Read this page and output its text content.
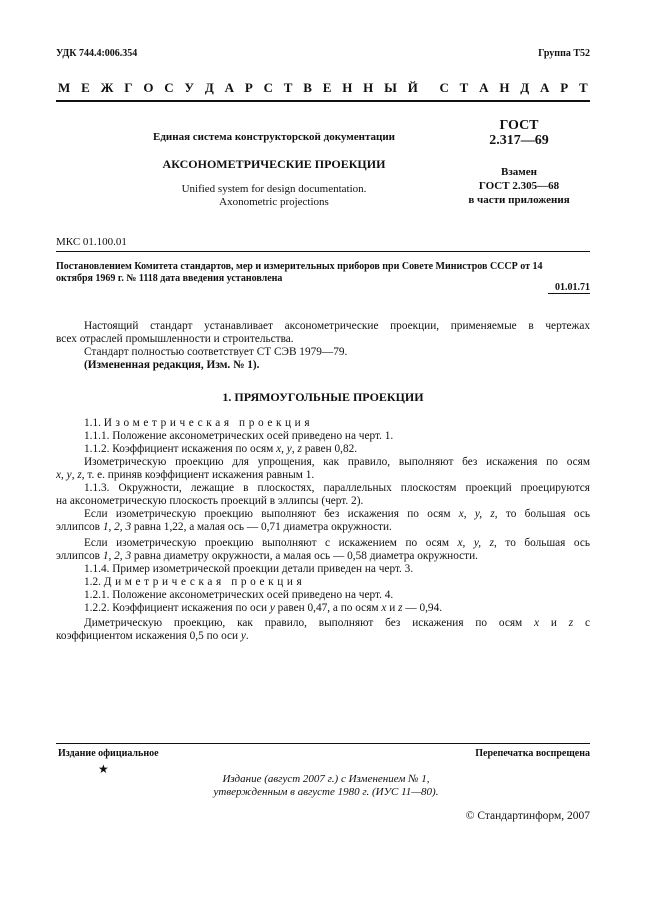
УДК 744.4:006.354	Группа Т52
М Е Ж Г О С У Д А Р С Т В Е Н Н Ы Й С Т А Н Д А Р Т
Единая система конструкторской документации
АКСОНОМЕТРИЧЕСКИЕ ПРОЕКЦИИ
Unified system for design documentation.
Axonometric projections
ГОСТ
2.317—69
Взамен
ГОСТ 2.305—68
в части приложения
МКС 01.100.01
Постановлением Комитета стандартов, мер и измерительных приборов при Совете Министров СССР от 14
октября 1969 г. № 1118 дата введения установлена
01.01.71
Настоящий стандарт устанавливает аксонометрические проекции, применяемые в чертежах
всех отраслей промышленности и строительства.
Стандарт полностью соответствует СТ СЭВ 1979—79.
(Измененная редакция, Изм. № 1).
1. ПРЯМОУГОЛЬНЫЕ ПРОЕКЦИИ
1.1. Изометрическая проекция
1.1.1. Положение аксонометрических осей приведено на черт. 1.
1.1.2. Коэффициент искажения по осям x, y, z равен 0,82.
Изометрическую проекцию для упрощения, как правило, выполняют без искажения по осям
x, y, z, т. е. приняв коэффициент искажения равным 1.
1.1.3. Окружности, лежащие в плоскостях, параллельных плоскостям проекций проецируются
на аксонометрическую плоскость проекций в эллипсы (черт. 2).
Если изометрическую проекцию выполняют без искажения по осям x, y, z, то большая ось
эллипсов 1, 2, 3 равна 1,22, а малая ось — 0,71 диаметра окружности.
Если изометрическую проекцию выполняют с искажением по осям x, y, z, то большая ось
эллипсов 1, 2, 3 равна диаметру окружности, а малая ось — 0,58 диаметра окружности.
1.1.4. Пример изометрической проекции детали приведен на черт. 3.
1.2. Диметрическая проекция
1.2.1. Положение аксонометрических осей приведено на черт. 4.
1.2.2. Коэффициент искажения по оси y равен 0,47, а по осям x и z — 0,94.
Диметрическую проекцию, как правило, выполняют без искажения по осям x и z с
коэффициентом искажения 0,5 по оси y.
Издание официальное	Перепечатка воспрещена
★
Издание (август 2007 г.) с Изменением № 1,
утвержденным в августе 1980 г. (ИУС 11—80).
© Стандартинформ, 2007
